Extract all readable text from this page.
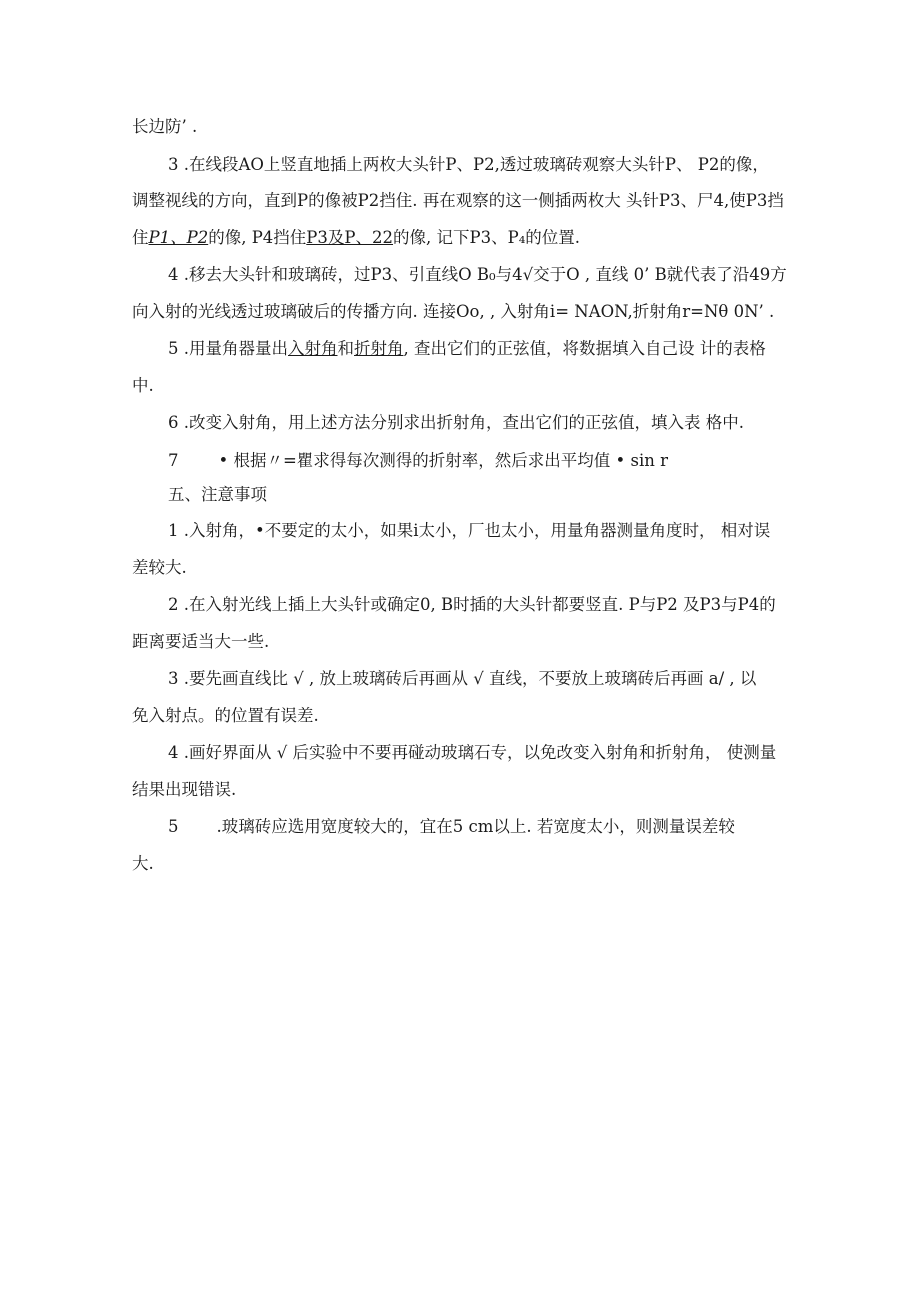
长边防’ .
3 .在线段AO上竖直地插上两枚大头针P、P2,透过玻璃砖观察大头针P、 P2的像，
调整视线的方向，直到P的像被P2挡住. 再在观察的这一侧插两枚大 头针P3、尸4,使P3挡
住P1、P2的像, P4挡住P3及P、22的像, 记下P3、P₄的位置.
4 .移去大头针和玻璃砖，过P3、引直线O B₀与4√交于O , 直线 0’ B就代表了沿49方
向入射的光线透过玻璃破后的传播方向. 连接Oo, , 入射角i= NAON,折射角r=Nθ 0N’ .
5 .用量角器量出入射角和折射角, 查出它们的正弦值，将数据填入自己设 计的表格
中.
6 .改变入射角，用上述方法分别求出折射角，查出它们的正弦值，填入表 格中.
7 • 根据〃=瞿求得每次测得的折射率，然后求出平均值 • sin r
五、注意事项
1 .入射角，•不要定的太小，如果i太小，厂也太小，用量角器测量角度时， 相对误
差较大.
2 .在入射光线上插上大头针或确定0, B时插的大头针都要竖直. P与P2 及P3与P4的
距离要适当大一些.
3 .要先画直线比 √ , 放上玻璃砖后再画从 √ 直线，不要放上玻璃砖后再画 a/ , 以
免入射点。的位置有误差.
4 .画好界面从 √ 后实验中不要再碰动玻璃石专，以免改变入射角和折射角， 使测量
结果出现错误.
5 .玻璃砖应选用宽度较大的，宜在5 cm以上. 若宽度太小，则测量误差较
大.
